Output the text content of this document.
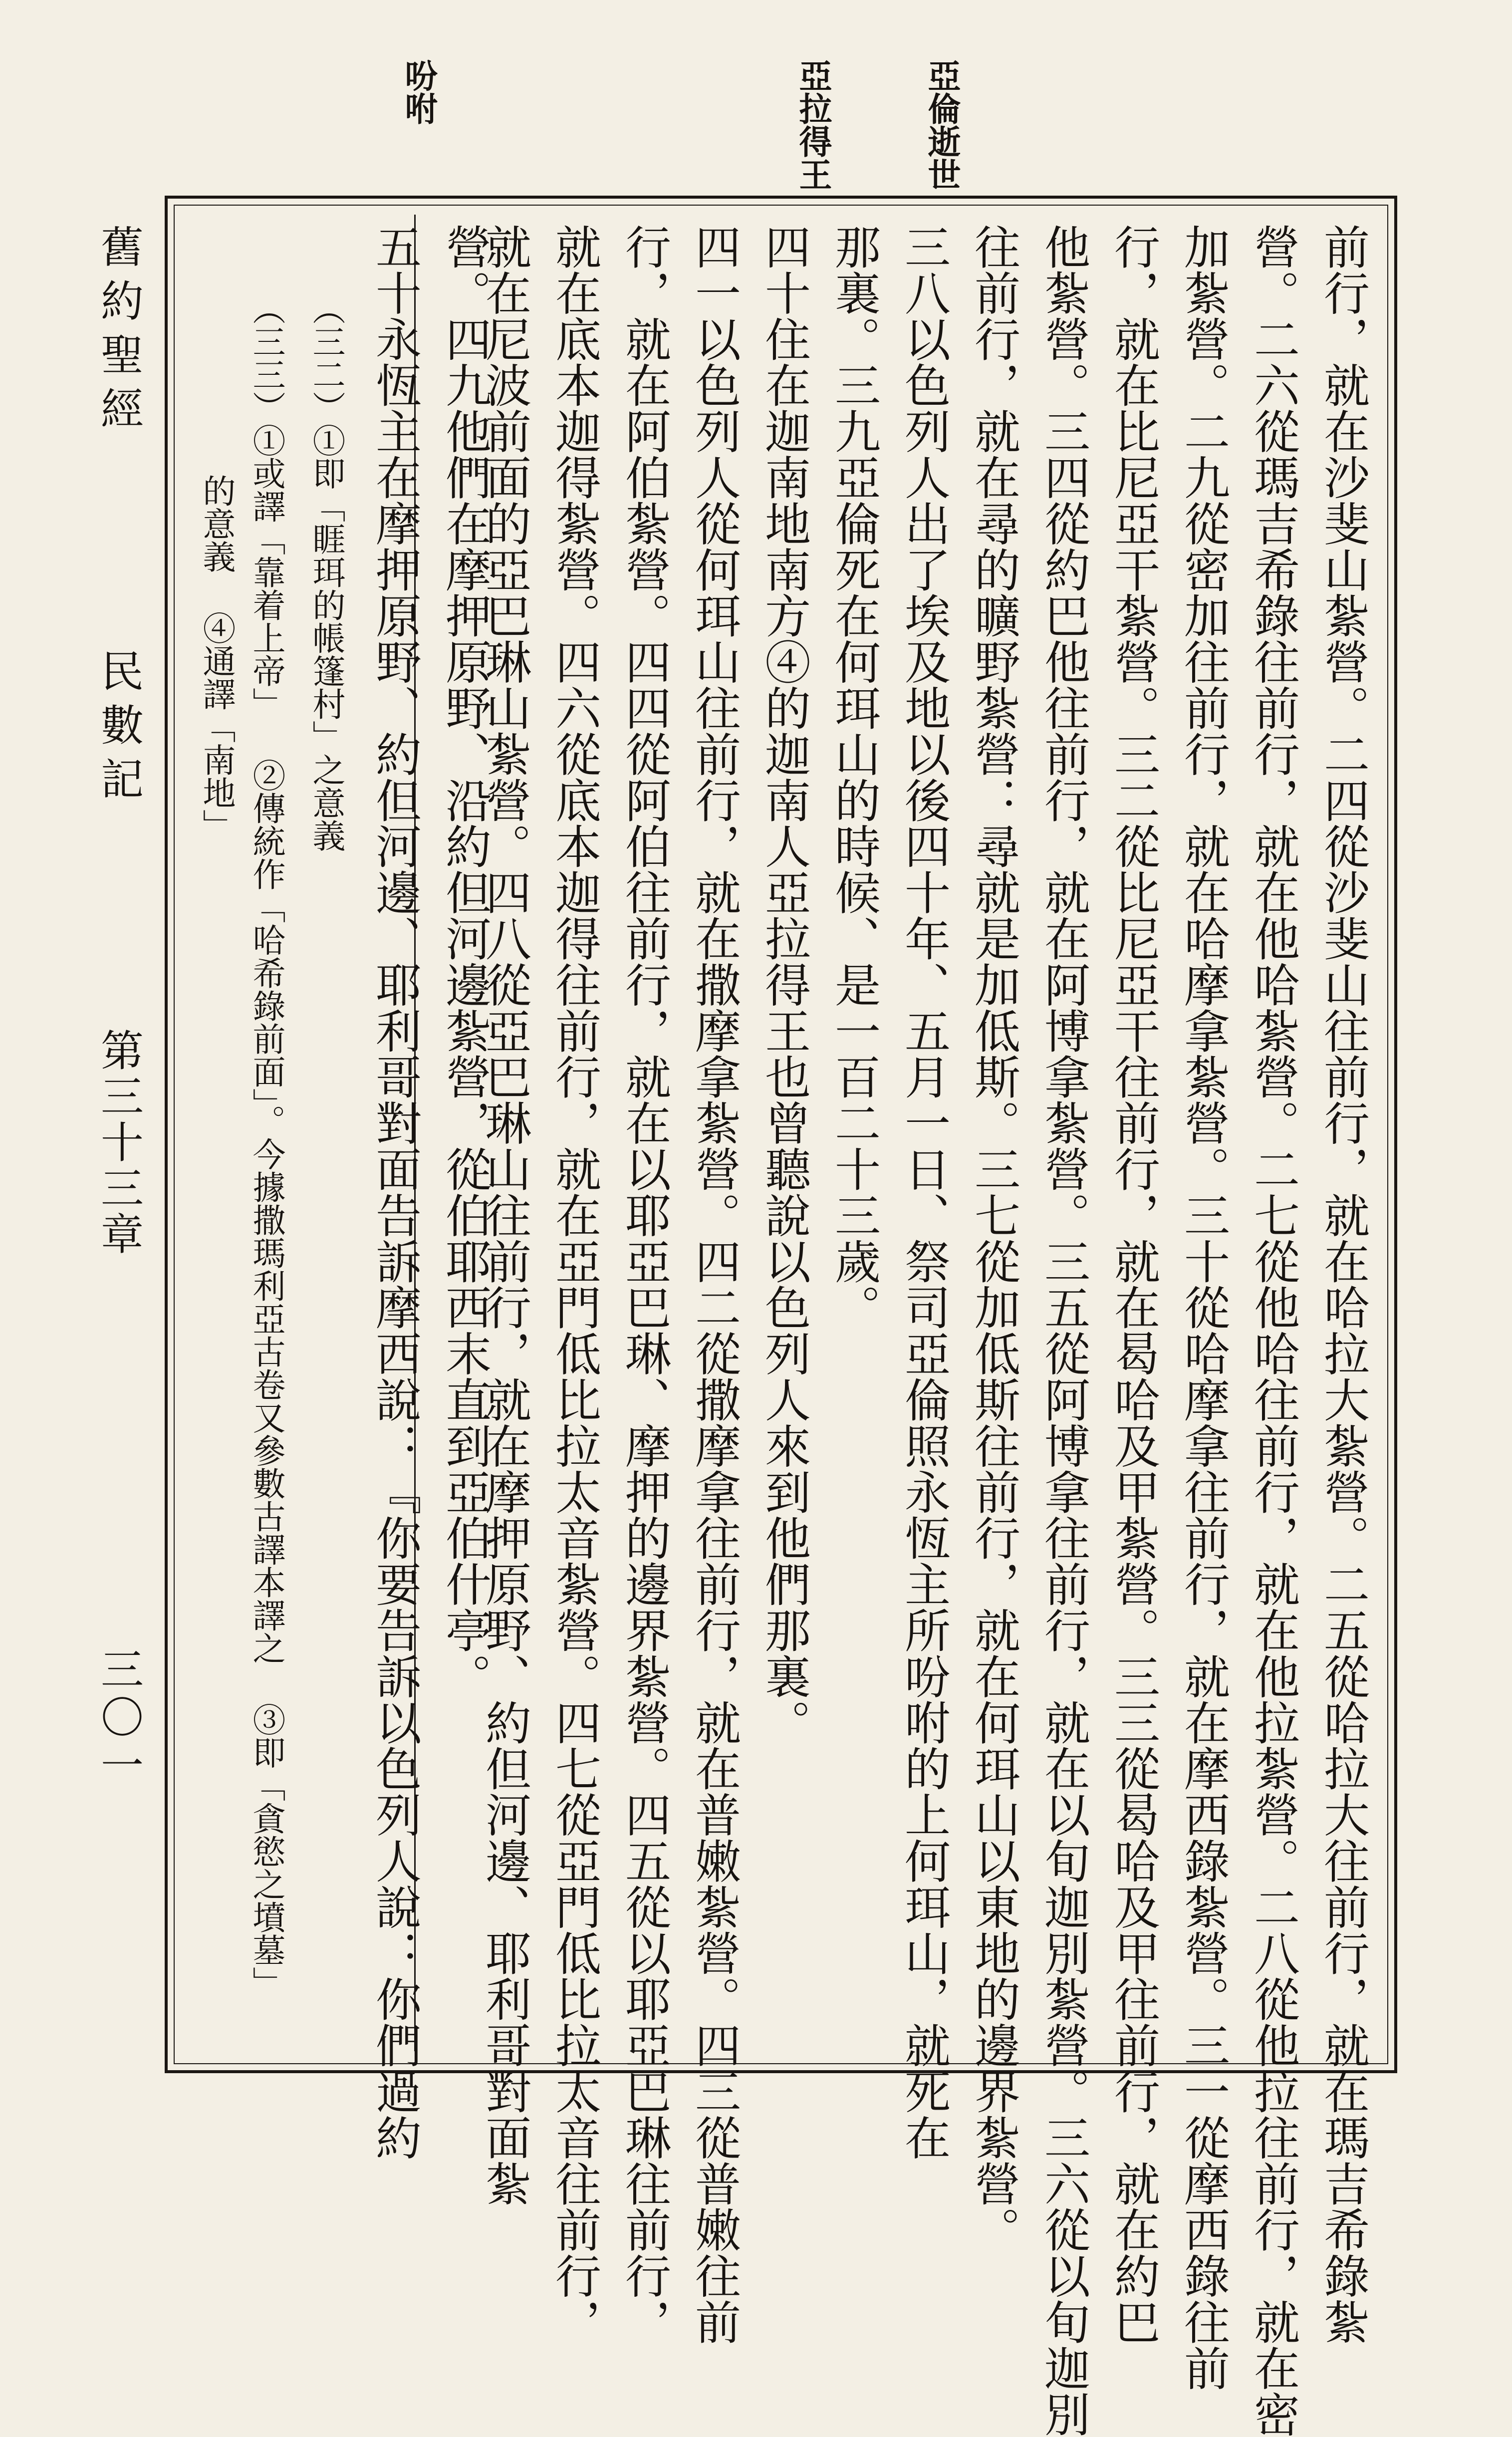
亞倫逝世
亞拉得王
吩咐
前行，就在沙斐山紮營。二四從沙斐山往前行，就在哈拉大紮營。二五從哈拉大往前行，就在瑪吉希錄紮
營。二六從瑪吉希錄往前行，就在他哈紮營。二七從他哈往前行，就在他拉紮營。二八從他拉往前行，就在密
加紮營。二九從密加往前行，就在哈摩拿紮營。三十從哈摩拿往前行，就在摩西錄紮營。三一從摩西錄往前
行，就在比尼亞干紮營。三二從比尼亞干往前行，就在曷哈及甲紮營。三三從曷哈及甲往前行，就在約巴
他紮營。三四從約巴他往前行，就在阿博拿紮營。三五從阿博拿往前行，就在以旬迦別紮營。三六從以旬迦別
往前行，就在尋的曠野紮營：尋就是加低斯。三七從加低斯往前行，就在何珥山以東地的邊界紮營。
三八以色列人出了埃及地以後四十年、五月一日、祭司亞倫照永恆主所吩咐的上何珥山，就死在
那裏。三九亞倫死在何珥山的時候、是一百二十三歲。
四十住在迦南地南方④的迦南人亞拉得王也曾聽說以色列人來到他們那裏。
四一以色列人從何珥山往前行，就在撒摩拿紮營。四二從撒摩拿往前行，就在普嫩紮營。四三從普嫩往前
行，就在阿伯紮營。四四從阿伯往前行，就在以耶亞巴琳、摩押的邊界紮營。四五從以耶亞巴琳往前行，
就在底本迦得紮營。四六從底本迦得往前行，就在亞門低比拉太音紮營。四七從亞門低比拉太音往前行，
就在尼波前面的亞巴琳山紮營。四八從亞巴琳山往前行，就在摩押原野、約但河邊、耶利哥對面紮
營。四九他們在摩押原野、沿約但河邊紮營，從伯耶西末直到亞伯什亭。
五十永恆主在摩押原野、約但河邊、耶利哥對面告訴摩西說：『你要告訴以色列人說：你們過約
（三二）①即「睚珥的帳篷村」之意義
（三三）①或譯「靠着上帝」 ②傳統作「哈希錄前面」。今據撒瑪利亞古卷又參數古譯本譯之 ③即「貪慾之墳墓」
的意義 ④通譯「南地」
舊約聖經
民數記
第三十三章
三〇一
